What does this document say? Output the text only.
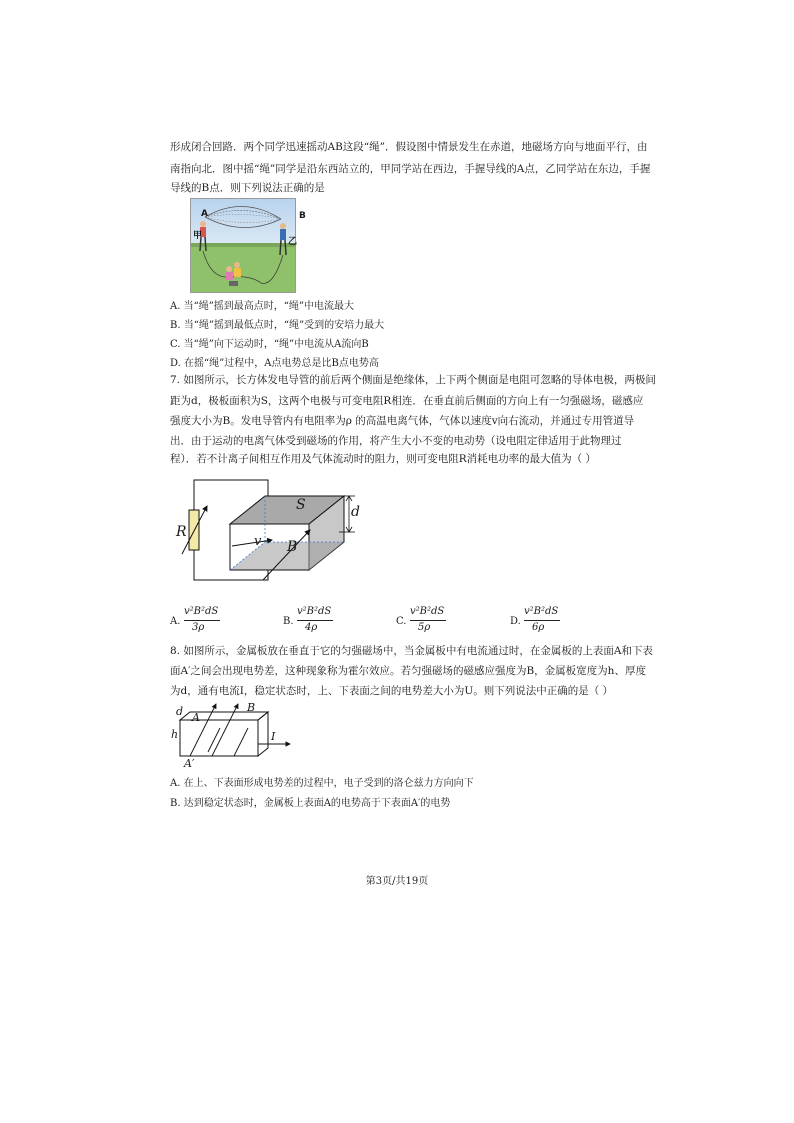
形成闭合回路．两个同学迅速摇动AB这段“绳”．假设图中情景发生在赤道，地磁场方向与地面平行，由
南指向北．图中摇“绳”同学是沿东西站立的，甲同学站在西边，手握导线的A点，乙同学站在东边，手握
导线的B点．则下列说法正确的是
A	B
甲
乙
A. 当“绳”摇到最高点时，“绳”中电流最大
B. 当“绳”摇到最低点时，“绳”受到的安培力最大
C. 当“绳”向下运动时，“绳”中电流从A流向B
D. 在摇“绳”过程中，A点电势总是比B点电势高
7. 如图所示，长方体发电导管的前后两个侧面是绝缘体，上下两个侧面是电阻可忽略的导体电极，两极间
距为d，极板面积为S，这两个电极与可变电阻R相连．在垂直前后侧面的方向上有一匀强磁场，磁感应
强度大小为B。发电导管内有电阻率为ρ 的高温电离气体，气体以速度v向右流动，并通过专用管道导
出．由于运动的电离气体受到磁场的作用，将产生大小不变的电动势（设电阻定律适用于此物理过
程）．若不计离子间相互作用及气体流动时的阻力，则可变电阻R消耗电功率的最大值为（ ）
R
S	d
v B
A.
v²B²dS
3ρ
B.
v²B²dS
4ρ
C.
v²B²dS
5ρ
D.
v²B²dS
6ρ
8. 如图所示，金属板放在垂直于它的匀强磁场中，当金属板中有电流通过时，在金属板的上表面A和下表
面A′之间会出现电势差，这种现象称为霍尔效应。若匀强磁场的磁感应强度为B，金属板宽度为h、厚度
为d，通有电流I，稳定状态时，上、下表面之间的电势差大小为U。则下列说法中正确的是（ ）
d A
B
h	I
A′
A. 在上、下表面形成电势差的过程中，电子受到的洛仑兹力方向向下
B. 达到稳定状态时，金属板上表面A的电势高于下表面A′的电势
第3页/共19页
